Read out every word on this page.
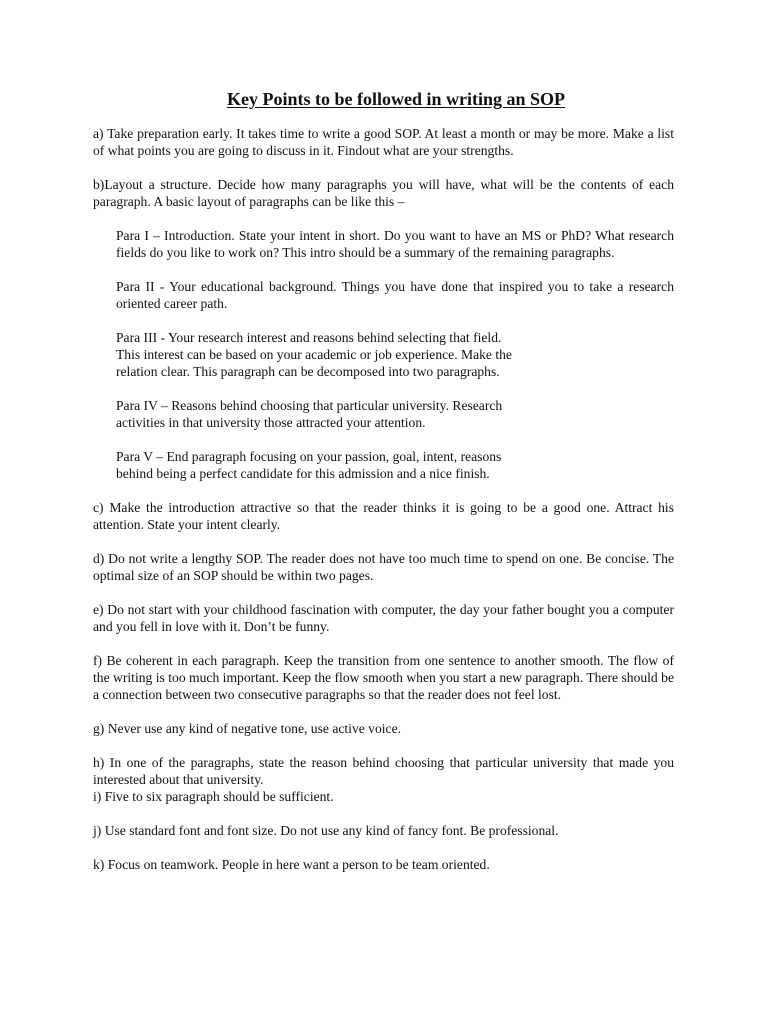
Key Points to be followed in writing an SOP

a) Take preparation early. It takes time to write a good SOP. At least a month or may be more. Make a list of what points you are going to discuss in it. Findout what are your strengths.

b)Layout a structure. Decide how many paragraphs you will have, what will be the contents of each paragraph. A basic layout of paragraphs can be like this –

Para I – Introduction. State your intent in short. Do you want to have an MS or PhD? What research fields do you like to work on? This intro should be a summary of the remaining paragraphs.

Para II - Your educational background. Things you have done that inspired you to take a research oriented career path.

Para III - Your research interest and reasons behind selecting that field.
This interest can be based on your academic or job experience. Make the
relation clear. This paragraph can be decomposed into two paragraphs.
Para IV – Reasons behind choosing that particular university. Research
activities in that university those attracted your attention.
Para V – End paragraph focusing on your passion, goal, intent, reasons
behind being a perfect candidate for this admission and a nice finish.

c) Make the introduction attractive so that the reader thinks it is going to be a good one. Attract his attention. State your intent clearly.

d) Do not write a lengthy SOP. The reader does not have too much time to spend on one. Be concise. The optimal size of an SOP should be within two pages.

e) Do not start with your childhood fascination with computer, the day your father bought you a computer and you fell in love with it. Don’t be funny.

f) Be coherent in each paragraph. Keep the transition from one sentence to another smooth. The flow of the writing is too much important. Keep the flow smooth when you start a new paragraph. There should be a connection between two consecutive paragraphs so that the reader does not feel lost.

g) Never use any kind of negative tone, use active voice.

h) In one of the paragraphs, state the reason behind choosing that particular university that made you interested about that university.

i) Five to six paragraph should be sufficient.

j) Use standard font and font size. Do not use any kind of fancy font. Be professional.

k) Focus on teamwork. People in here want a person to be team oriented.
